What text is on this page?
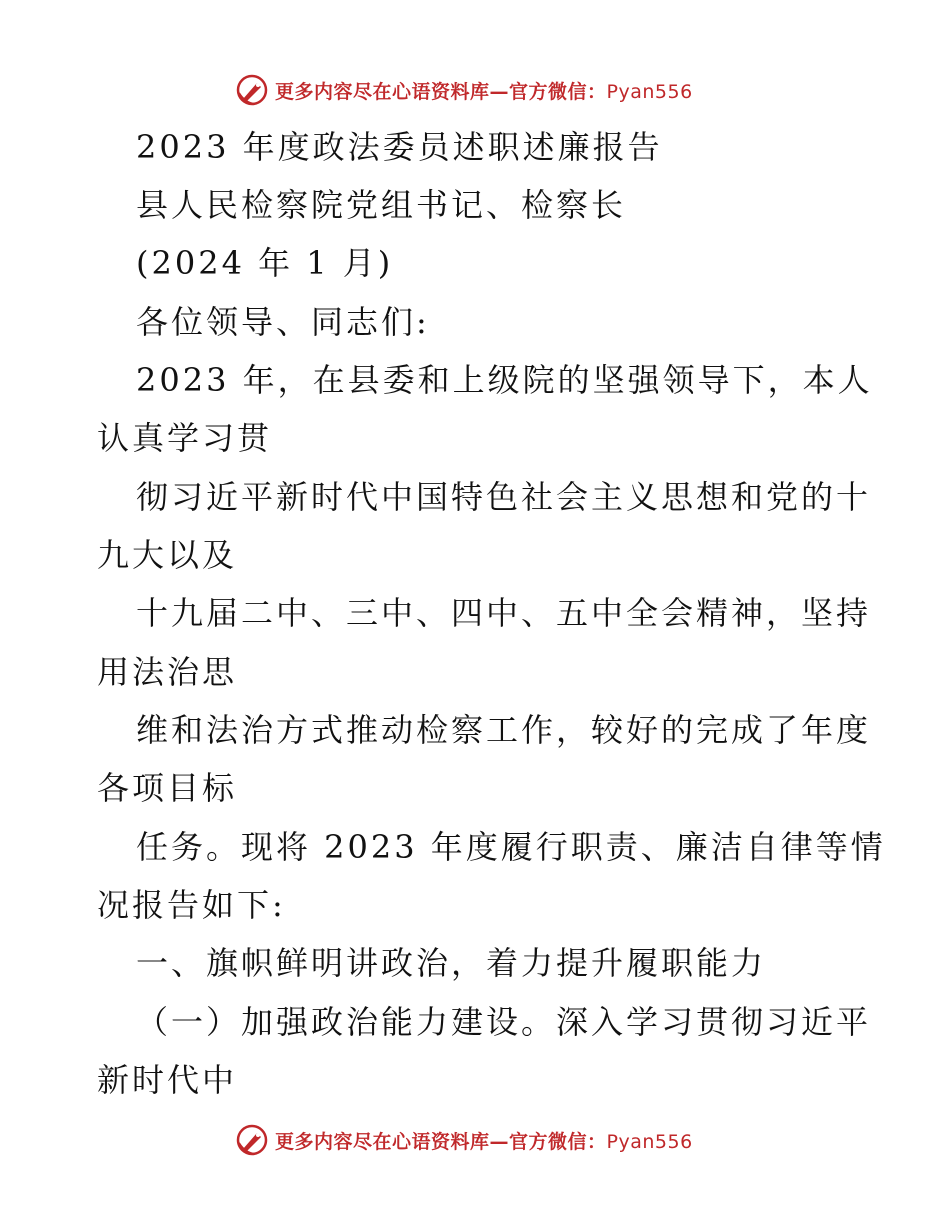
更多内容尽在心语资料库—官方微信：Pyan556
2023 年度政法委员述职述廉报告
县人民检察院党组书记、检察长
(2024 年 1 月)
各位领导、同志们:
2023 年，在县委和上级院的坚强领导下，本人
认真学习贯
彻习近平新时代中国特色社会主义思想和党的十
九大以及
十九届二中、三中、四中、五中全会精神，坚持
用法治思
维和法治方式推动检察工作，较好的完成了年度
各项目标
任务。现将 2023 年度履行职责、廉洁自律等情
况报告如下:
一、旗帜鲜明讲政治，着力提升履职能力
（一）加强政治能力建设。深入学习贯彻习近平
新时代中
更多内容尽在心语资料库—官方微信：Pyan556
